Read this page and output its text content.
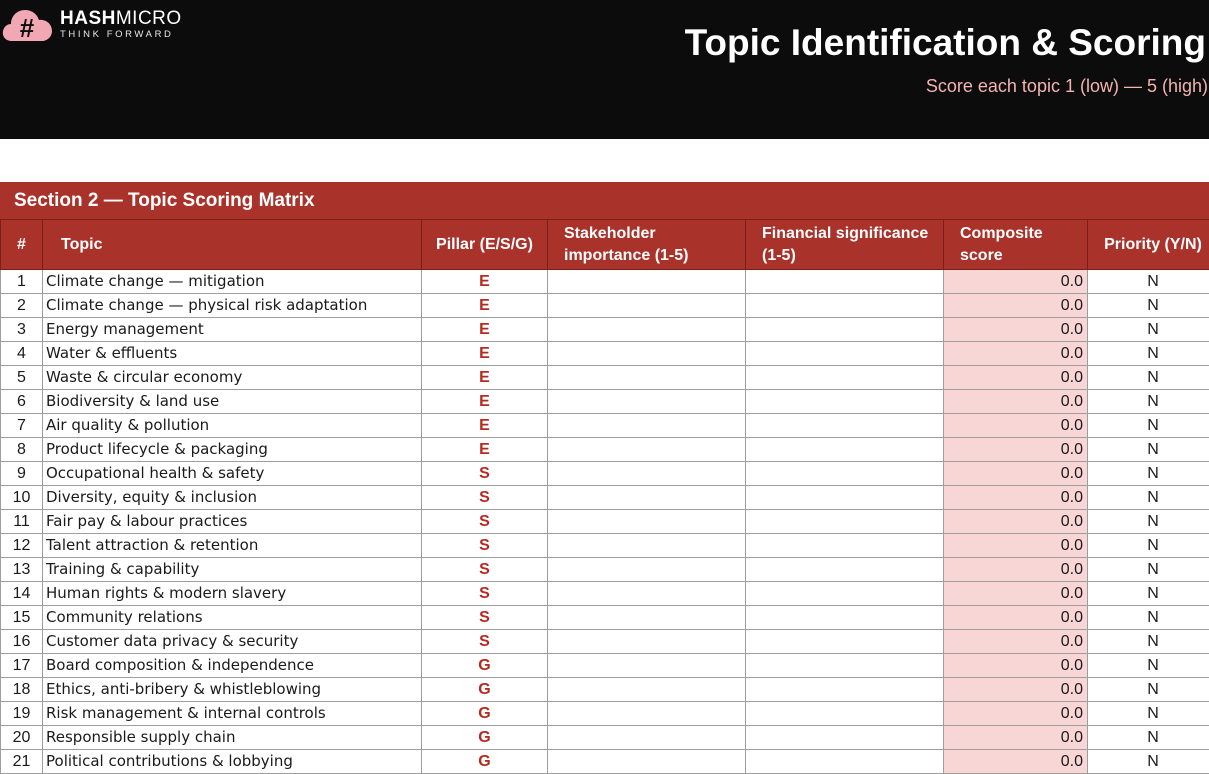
# HASHMICRO
THINK FORWARD	Topic Identification & Scoring
Score each topic 1 (low) — 5 (high)
Section 2 — Topic Scoring Matrix
#	Topic	Pillar (E/S/G)	Stakeholder
importance (1-5)	Financial significance
(1-5)	Composite
score	Priority (Y/N)
1	Climate change — mitigation	E			0.0	N
2	Climate change — physical risk adaptation	E			0.0	N
3	Energy management	E			0.0	N
4	Water & effluents	E			0.0	N
5	Waste & circular economy	E			0.0	N
6	Biodiversity & land use	E			0.0	N
7	Air quality & pollution	E			0.0	N
8	Product lifecycle & packaging	E			0.0	N
9	Occupational health & safety	S			0.0	N
10	Diversity, equity & inclusion	S			0.0	N
11	Fair pay & labour practices	S			0.0	N
12	Talent attraction & retention	S			0.0	N
13	Training & capability	S			0.0	N
14	Human rights & modern slavery	S			0.0	N
15	Community relations	S			0.0	N
16	Customer data privacy & security	S			0.0	N
17	Board composition & independence	G			0.0	N
18	Ethics, anti-bribery & whistleblowing	G			0.0	N
19	Risk management & internal controls	G			0.0	N
20	Responsible supply chain	G			0.0	N
21	Political contributions & lobbying	G			0.0	N
